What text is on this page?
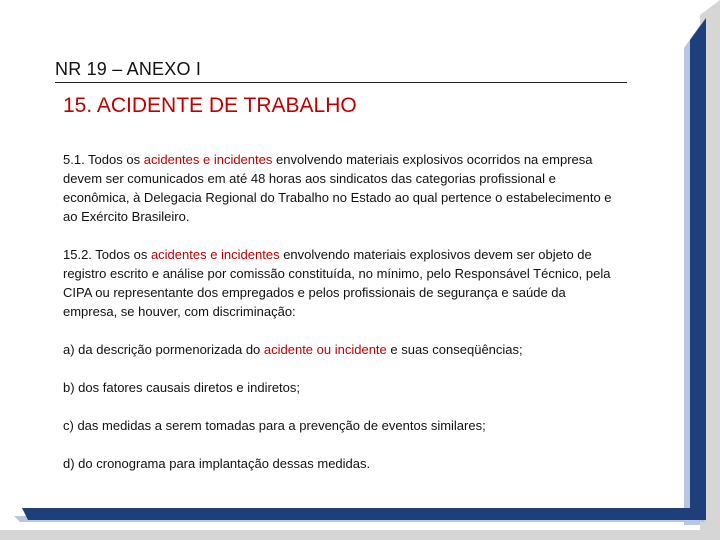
NR 19 – ANEXO I
15. ACIDENTE DE TRABALHO

5.1. Todos os acidentes e incidentes envolvendo materiais explosivos ocorridos na empresa devem ser comunicados em até 48 horas aos sindicatos das categorias profissional e econômica, à Delegacia Regional do Trabalho no Estado ao qual pertence o estabelecimento e ao Exército Brasileiro.

15.2. Todos os acidentes e incidentes envolvendo materiais explosivos devem ser objeto de registro escrito e análise por comissão constituída, no mínimo, pelo Responsável Técnico, pela CIPA ou representante dos empregados e pelos profissionais de segurança e saúde da empresa, se houver, com discriminação:

a) da descrição pormenorizada do acidente ou incidente e suas conseqüências;

b) dos fatores causais diretos e indiretos;

c) das medidas a serem tomadas para a prevenção de eventos similares;

d) do cronograma para implantação dessas medidas.
